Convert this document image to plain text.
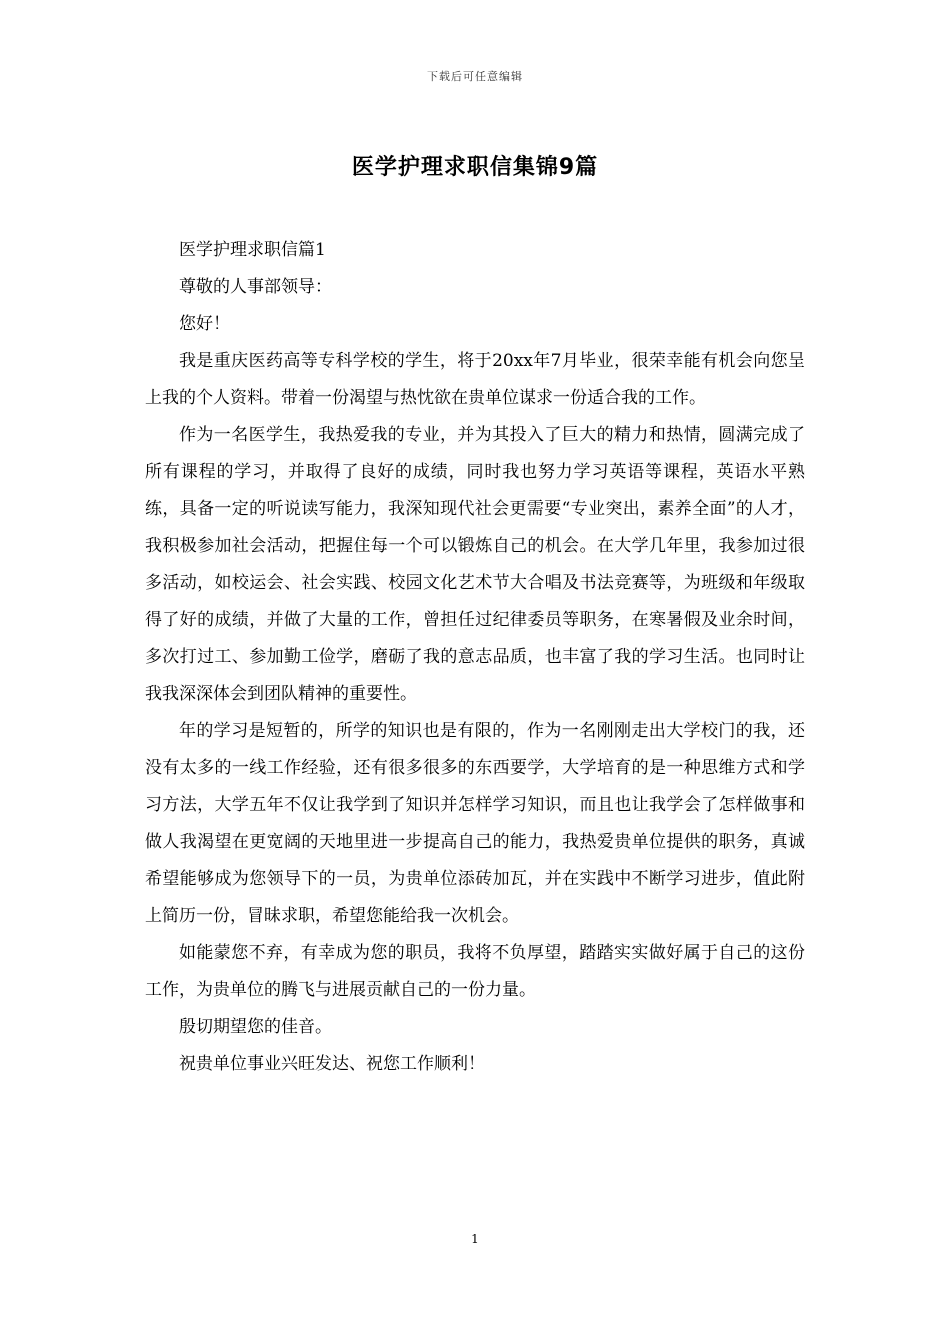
下载后可任意编辑
医学护理求职信集锦9篇

医学护理求职信篇1

尊敬的人事部领导：

您好！

我是重庆医药高等专科学校的学生，将于20xx年7月毕业，很荣幸能有机会向您呈上我的个人资料。带着一份渴望与热忱欲在贵单位谋求一份适合我的工作。

作为一名医学生，我热爱我的专业，并为其投入了巨大的精力和热情，圆满完成了所有课程的学习，并取得了良好的成绩，同时我也努力学习英语等课程，英语水平熟练，具备一定的听说读写能力，我深知现代社会更需要“专业突出，素养全面”的人才，我积极参加社会活动，把握住每一个可以锻炼自己的机会。在大学几年里，我参加过很多活动，如校运会、社会实践、校园文化艺术节大合唱及书法竞赛等，为班级和年级取得了好的成绩，并做了大量的工作，曾担任过纪律委员等职务，在寒暑假及业余时间，多次打过工、参加勤工俭学，磨砺了我的意志品质，也丰富了我的学习生活。也同时让我我深深体会到团队精神的重要性。

年的学习是短暂的，所学的知识也是有限的，作为一名刚刚走出大学校门的我，还没有太多的一线工作经验，还有很多很多的东西要学，大学培育的是一种思维方式和学习方法，大学五年不仅让我学到了知识并怎样学习知识，而且也让我学会了怎样做事和做人我渴望在更宽阔的天地里进一步提高自己的能力，我热爱贵单位提供的职务，真诚希望能够成为您领导下的一员，为贵单位添砖加瓦，并在实践中不断学习进步，值此附上简历一份，冒昧求职，希望您能给我一次机会。

如能蒙您不弃，有幸成为您的职员，我将不负厚望，踏踏实实做好属于自己的这份工作，为贵单位的腾飞与进展贡献自己的一份力量。

殷切期望您的佳音。

祝贵单位事业兴旺发达、祝您工作顺利！

1
